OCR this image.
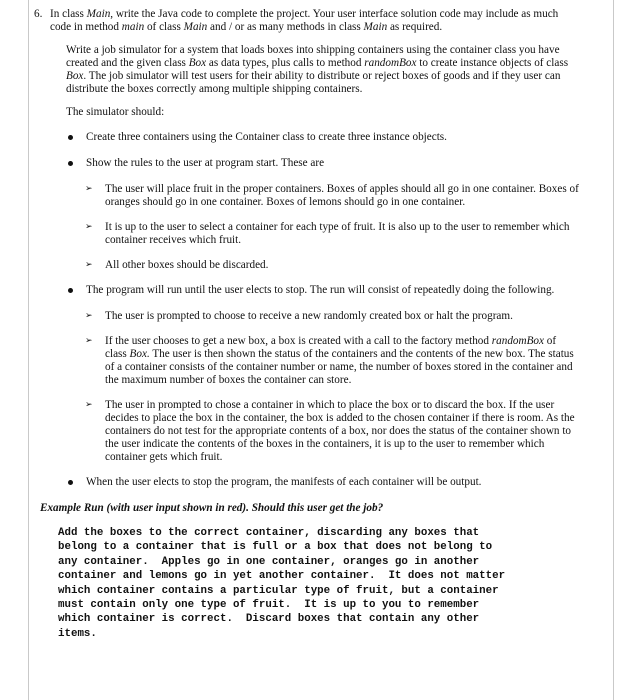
6. In class Main, write the Java code to complete the project. Your user interface solution code may include as much code in method main of class Main and / or as many methods in class Main as required.

Write a job simulator for a system that loads boxes into shipping containers using the container class you have created and the given class Box as data types, plus calls to method randomBox to create instance objects of class Box. The job simulator will test users for their ability to distribute or reject boxes of goods and if they user can distribute the boxes correctly among multiple shipping containers.

The simulator should:

Create three containers using the Container class to create three instance objects.
Show the rules to the user at program start. These are
➢ The user will place fruit in the proper containers. Boxes of apples should all go in one container. Boxes of oranges should go in one container. Boxes of lemons should go in one container.
➢ It is up to the user to select a container for each type of fruit. It is also up to the user to remember which container receives which fruit.
➢ All other boxes should be discarded.
The program will run until the user elects to stop. The run will consist of repeatedly doing the following.
➢ The user is prompted to choose to receive a new randomly created box or halt the program.
➢ If the user chooses to get a new box, a box is created with a call to the factory method randomBox of class Box. The user is then shown the status of the containers and the contents of the new box. The status of a container consists of the container number or name, the number of boxes stored in the container and the maximum number of boxes the container can store.
➢ The user in prompted to chose a container in which to place the box or to discard the box. If the user decides to place the box in the container, the box is added to the chosen container if there is room. As the containers do not test for the appropriate contents of a box, nor does the status of the container shown to the user indicate the contents of the boxes in the containers, it is up to the user to remember which container gets which fruit.
When the user elects to stop the program, the manifests of each container will be output.

Example Run (with user input shown in red). Should this user get the job?

Add the boxes to the correct container, discarding any boxes that
belong to a container that is full or a box that does not belong to
any container.  Apples go in one container, oranges go in another
container and lemons go in yet another container.  It does not matter
which container contains a particular type of fruit, but a container
must contain only one type of fruit.  It is up to you to remember
which container is correct.  Discard boxes that contain any other
items.
